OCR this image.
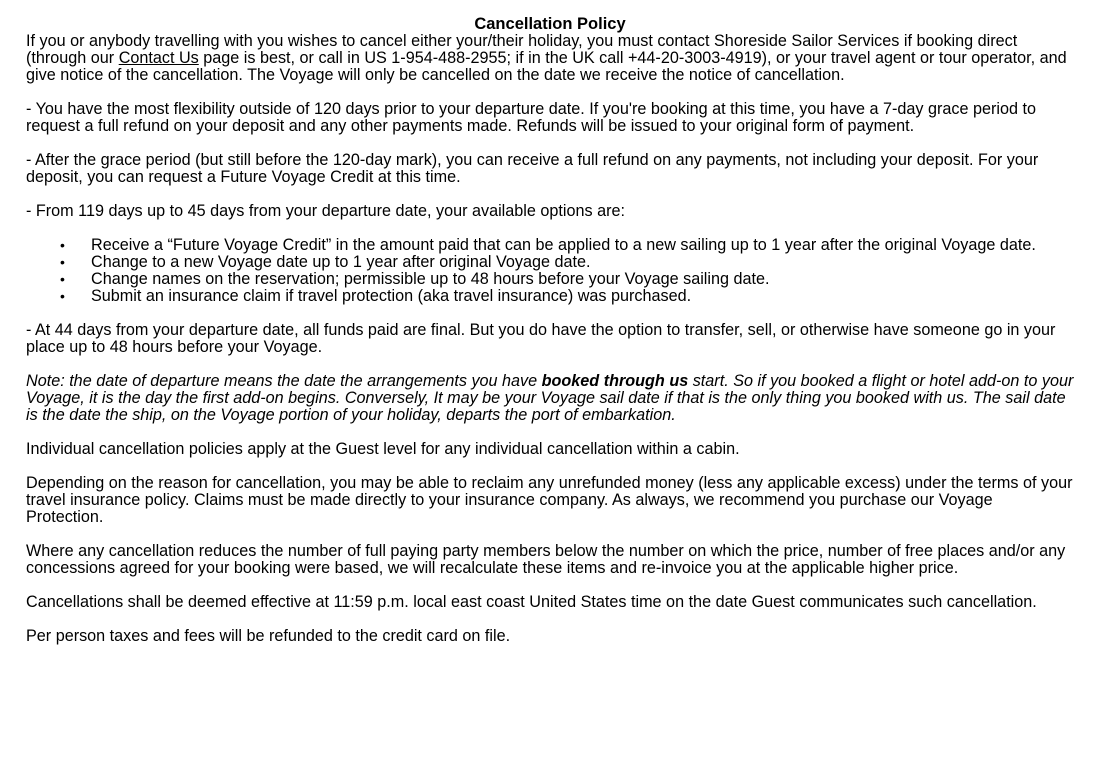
Cancellation Policy

If you or anybody travelling with you wishes to cancel either your/their holiday, you must contact Shoreside Sailor Services if booking direct (through our Contact Us page is best, or call in US 1-954-488-2955; if in the UK call +44-20-3003-4919), or your travel agent or tour operator, and give notice of the cancellation. The Voyage will only be cancelled on the date we receive the notice of cancellation.

- You have the most flexibility outside of 120 days prior to your departure date. If you're booking at this time, you have a 7-day grace period to request a full refund on your deposit and any other payments made. Refunds will be issued to your original form of payment.

- After the grace period (but still before the 120-day mark), you can receive a full refund on any payments, not including your deposit. For your deposit, you can request a Future Voyage Credit at this time.

- From 119 days up to 45 days from your departure date, your available options are:

• Receive a “Future Voyage Credit” in the amount paid that can be applied to a new sailing up to 1 year after the original Voyage date.
• Change to a new Voyage date up to 1 year after original Voyage date.
• Change names on the reservation; permissible up to 48 hours before your Voyage sailing date.
• Submit an insurance claim if travel protection (aka travel insurance) was purchased.

- At 44 days from your departure date, all funds paid are final. But you do have the option to transfer, sell, or otherwise have someone go in your place up to 48 hours before your Voyage.

Note: the date of departure means the date the arrangements you have booked through us start. So if you booked a flight or hotel add-on to your Voyage, it is the day the first add-on begins. Conversely, It may be your Voyage sail date if that is the only thing you booked with us. The sail date is the date the ship, on the Voyage portion of your holiday, departs the port of embarkation.

Individual cancellation policies apply at the Guest level for any individual cancellation within a cabin.

Depending on the reason for cancellation, you may be able to reclaim any unrefunded money (less any applicable excess) under the terms of your travel insurance policy. Claims must be made directly to your insurance company. As always, we recommend you purchase our Voyage Protection.

Where any cancellation reduces the number of full paying party members below the number on which the price, number of free places and/or any concessions agreed for your booking were based, we will recalculate these items and re-invoice you at the applicable higher price.

Cancellations shall be deemed effective at 11:59 p.m. local east coast United States time on the date Guest communicates such cancellation.

Per person taxes and fees will be refunded to the credit card on file.
